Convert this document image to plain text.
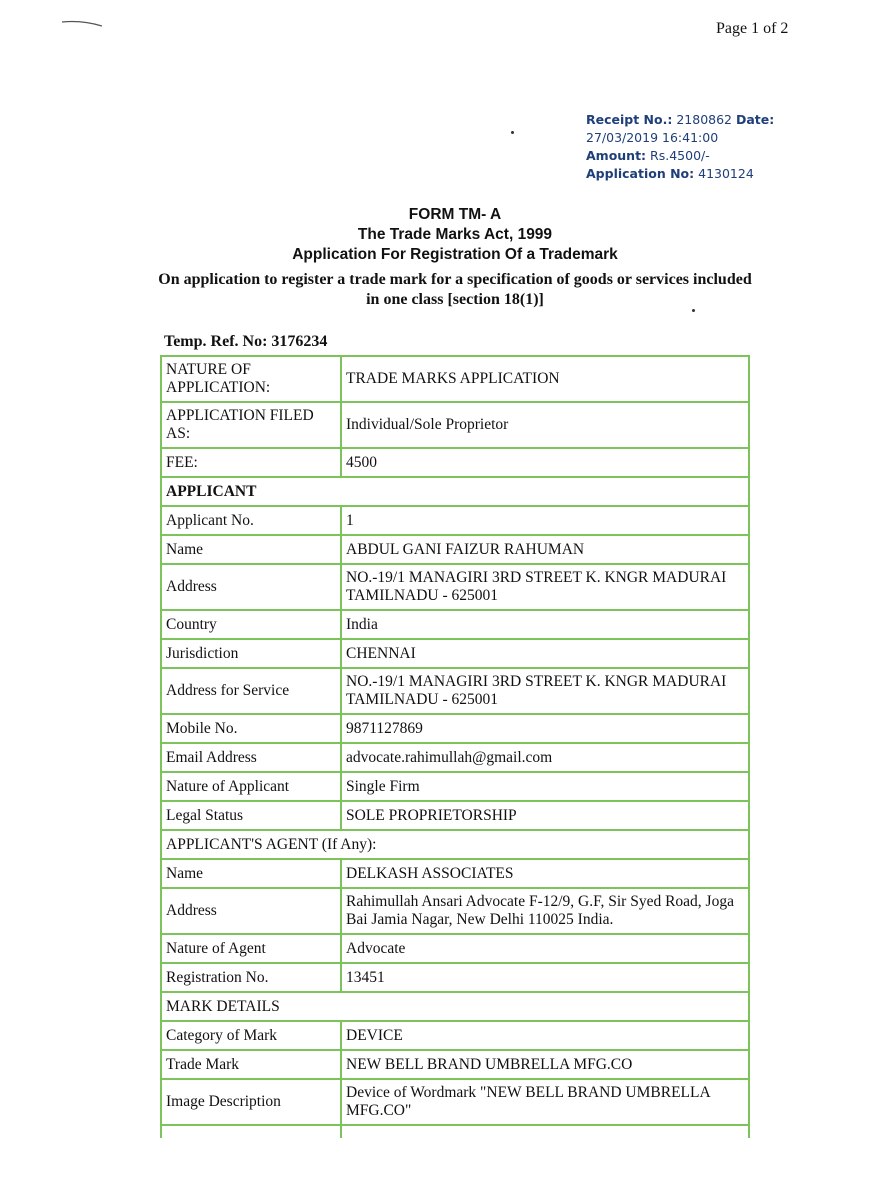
Page 1 of 2
Receipt No.: 2180862 Date:
27/03/2019 16:41:00
Amount: Rs.4500/-
Application No: 4130124
FORM TM- A
The Trade Marks Act, 1999
Application For Registration Of a Trademark
On application to register a trade mark for a specification of goods or services included in one class [section 18(1)]
Temp. Ref. No: 3176234
NATURE OF APPLICATION:	TRADE MARKS APPLICATION
APPLICATION FILED AS:	Individual/Sole Proprietor
FEE:	4500
APPLICANT	
Applicant No.	1
Name	ABDUL GANI FAIZUR RAHUMAN
Address	NO.-19/1 MANAGIRI 3RD STREET K. KNGR MADURAI TAMILNADU - 625001
Country	India
Jurisdiction	CHENNAI
Address for Service	NO.-19/1 MANAGIRI 3RD STREET K. KNGR MADURAI TAMILNADU - 625001
Mobile No.	9871127869
Email Address	advocate.rahimullah@gmail.com
Nature of Applicant	Single Firm
Legal Status	SOLE PROPRIETORSHIP
APPLICANT'S AGENT (If Any):	
Name	DELKASH ASSOCIATES
Address	Rahimullah Ansari Advocate F-12/9, G.F, Sir Syed Road, Joga Bai Jamia Nagar, New Delhi 110025 India.
Nature of Agent	Advocate
Registration No.	13451
MARK DETAILS	
Category of Mark	DEVICE
Trade Mark	NEW BELL BRAND UMBRELLA MFG.CO
Image Description	Device of Wordmark "NEW BELL BRAND UMBRELLA MFG.CO"
